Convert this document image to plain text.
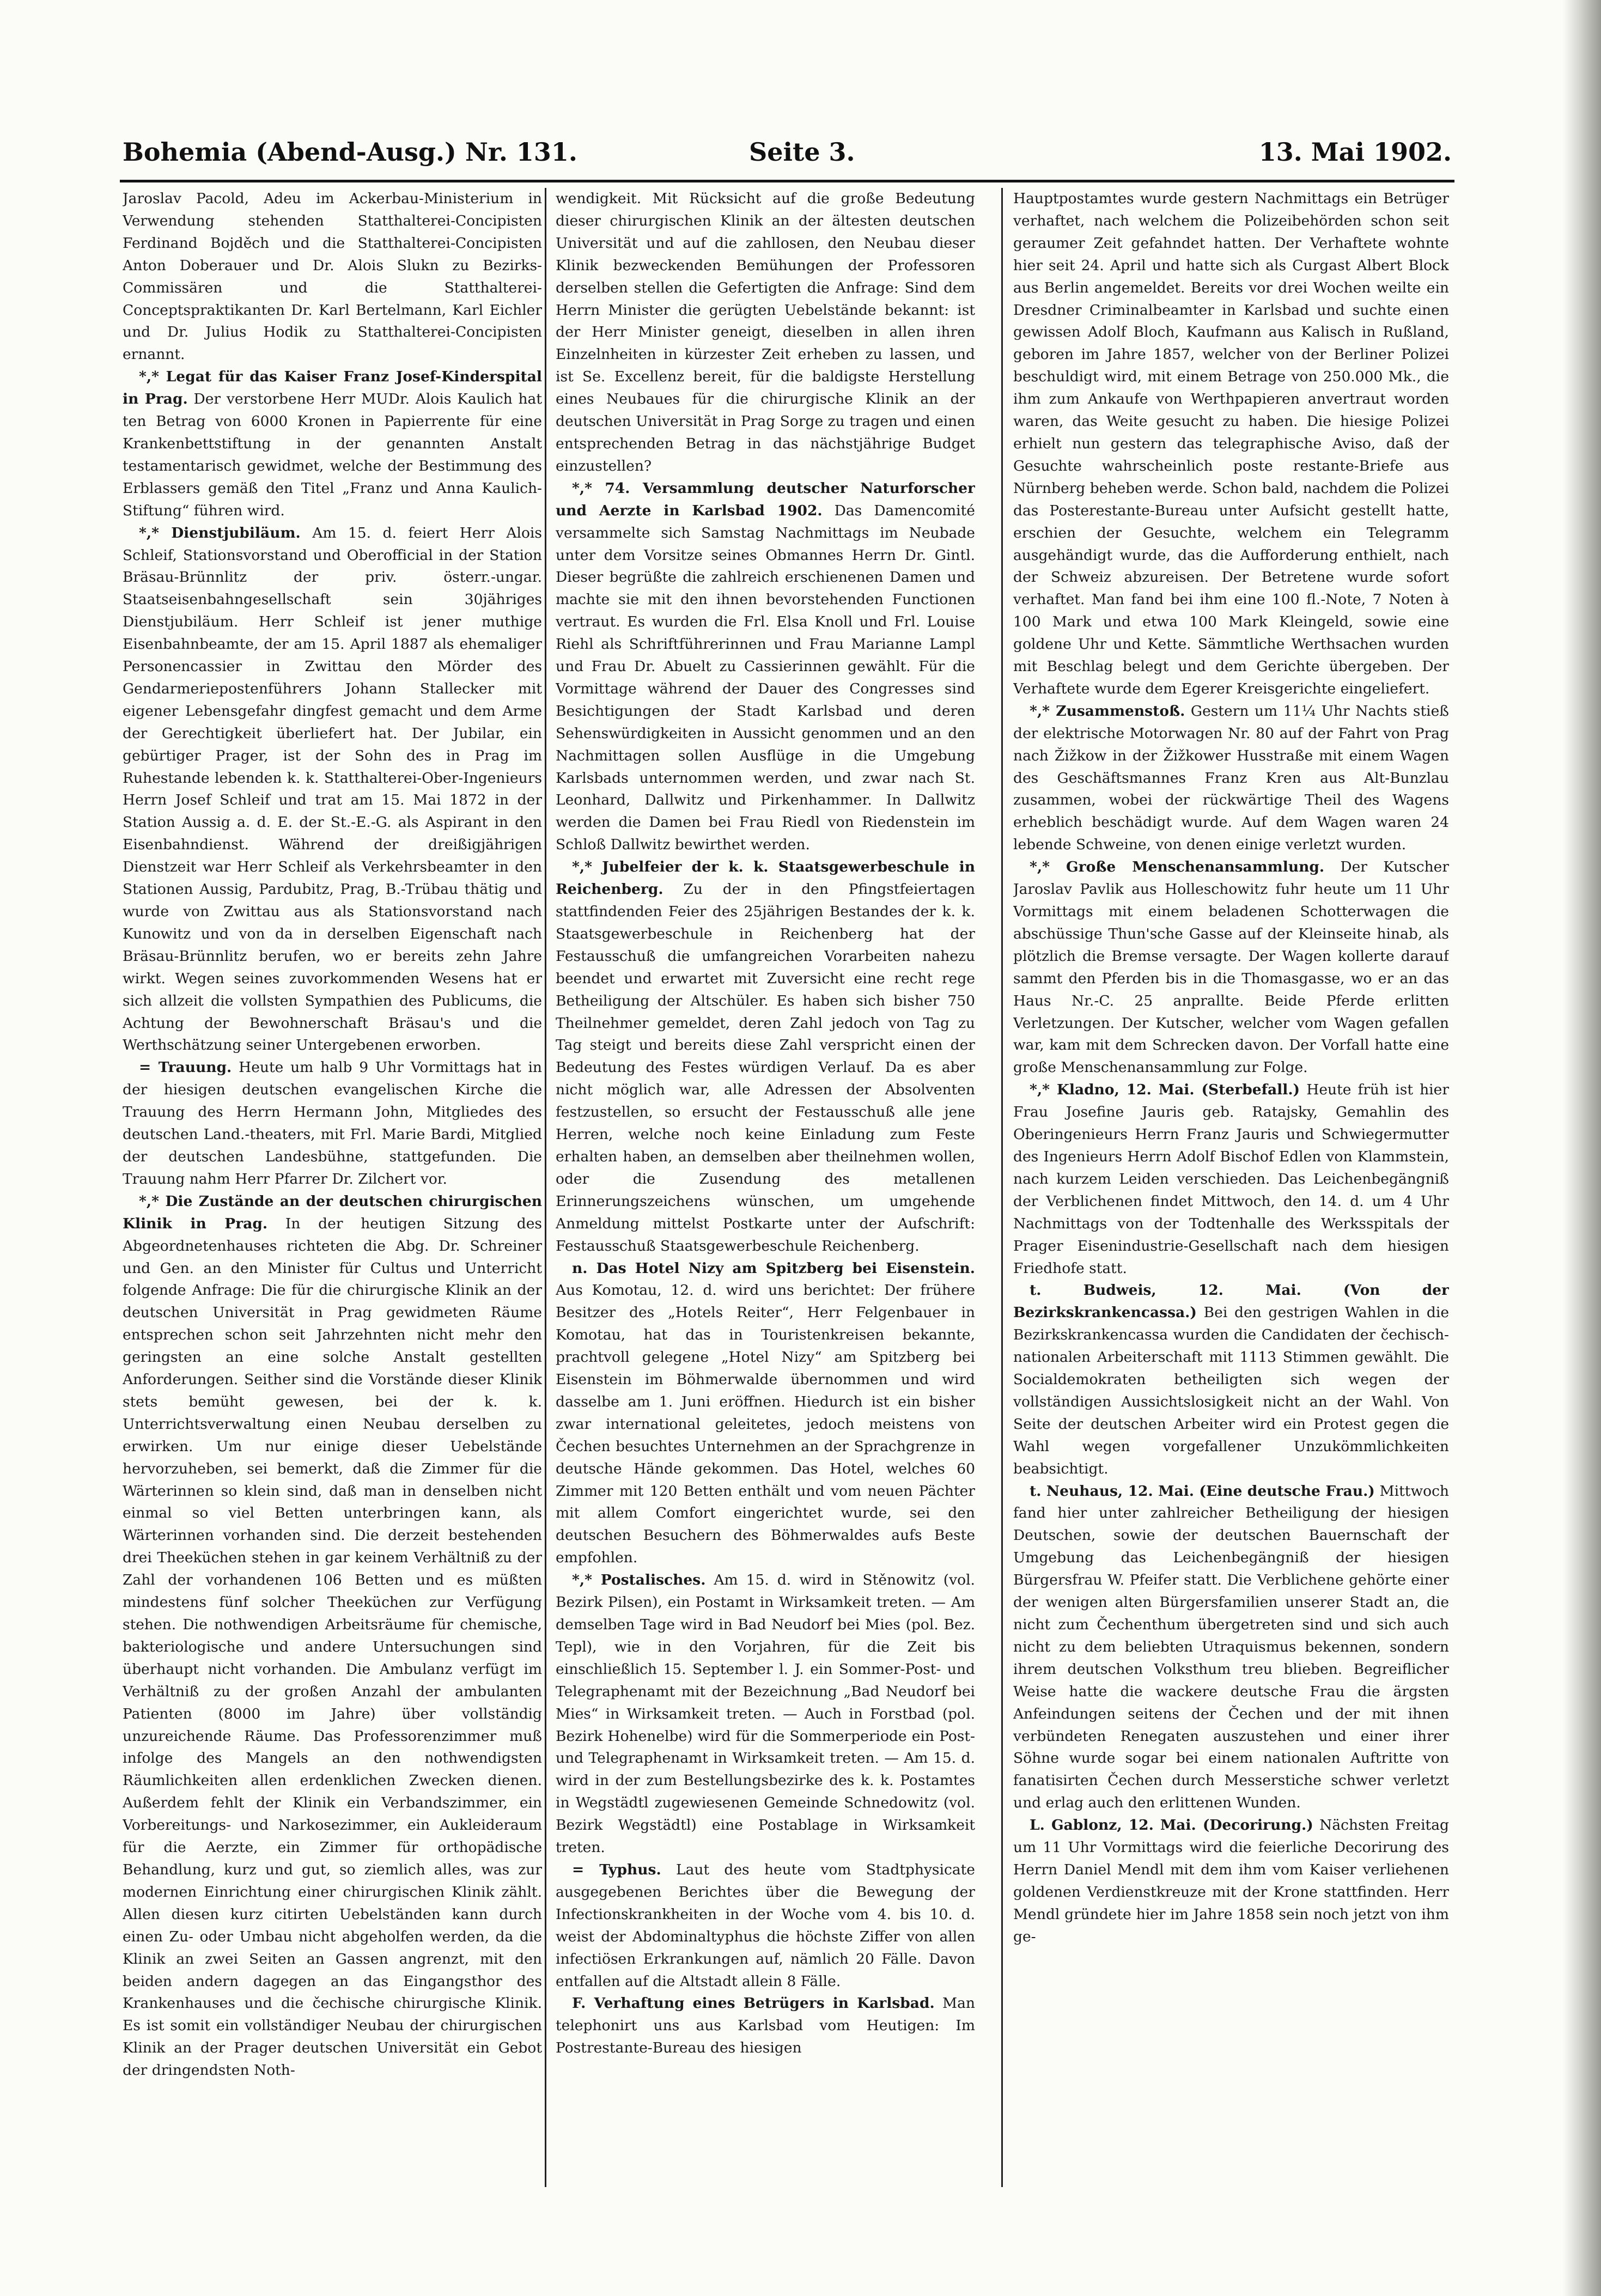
Bohemia (Abend-Ausg.) Nr. 131.	Seite 3.	13. Mai 1902.

Jaroslav Pacold, Adeu im Ackerbau-Ministerium in Verwendung stehenden Statthalterei-Concipisten Ferdinand Bojděch und die Statthalterei-Concipisten Anton Doberauer und Dr. Alois Slukn zu Bezirks-Commissären und die Statthalterei-Conceptspraktikanten Dr. Karl Bertelmann, Karl Eichler und Dr. Julius Hodik zu Statthalterei-Concipisten ernannt.

*,* Legat für das Kaiser Franz Josef-Kinderspital in Prag. Der verstorbene Herr MUDr. Alois Kaulich hat ten Betrag von 6000 Kronen in Papierrente für eine Krankenbettstiftung in der genannten Anstalt testamentarisch gewidmet, welche der Bestimmung des Erblassers gemäß den Titel „Franz und Anna Kaulich-Stiftung“ führen wird.

*,* Dienstjubiläum. Am 15. d. feiert Herr Alois Schleif, Stationsvorstand und Oberofficial in der Station Bräsau-Brünnlitz der priv. österr.-ungar. Staatseisenbahngesellschaft sein 30jähriges Dienstjubiläum. Herr Schleif ist jener muthige Eisenbahnbeamte, der am 15. April 1887 als ehemaliger Personencassier in Zwittau den Mörder des Gendarmeriepostenführers Johann Stallecker mit eigener Lebensgefahr dingfest gemacht und dem Arme der Gerechtigkeit überliefert hat. Der Jubilar, ein gebürtiger Prager, ist der Sohn des in Prag im Ruhestande lebenden k. k. Statthalterei-Ober-Ingenieurs Herrn Josef Schleif und trat am 15. Mai 1872 in der Station Aussig a. d. E. der St.-E.-G. als Aspirant in den Eisenbahndienst. Während der dreißigjährigen Dienstzeit war Herr Schleif als Verkehrsbeamter in den Stationen Aussig, Pardubitz, Prag, B.-Trübau thätig und wurde von Zwittau aus als Stationsvorstand nach Kunowitz und von da in derselben Eigenschaft nach Bräsau-Brünnlitz berufen, wo er bereits zehn Jahre wirkt. Wegen seines zuvorkommenden Wesens hat er sich allzeit die vollsten Sympathien des Publicums, die Achtung der Bewohnerschaft Bräsau's und die Werthschätzung seiner Untergebenen erworben.

= Trauung. Heute um halb 9 Uhr Vormittags hat in der hiesigen deutschen evangelischen Kirche die Trauung des Herrn Hermann John, Mitgliedes des deutschen Land.-theaters, mit Frl. Marie Bardi, Mitglied der deutschen Landesbühne, stattgefunden. Die Trauung nahm Herr Pfarrer Dr. Zilchert vor.

*,* Die Zustände an der deutschen chirurgischen Klinik in Prag. In der heutigen Sitzung des Abgeordnetenhauses richteten die Abg. Dr. Schreiner und Gen. an den Minister für Cultus und Unterricht folgende Anfrage: Die für die chirurgische Klinik an der deutschen Universität in Prag gewidmeten Räume entsprechen schon seit Jahrzehnten nicht mehr den geringsten an eine solche Anstalt gestellten Anforderungen. Seither sind die Vorstände dieser Klinik stets bemüht gewesen, bei der k. k. Unterrichtsverwaltung einen Neubau derselben zu erwirken. Um nur einige dieser Uebelstände hervorzuheben, sei bemerkt, daß die Zimmer für die Wärterinnen so klein sind, daß man in denselben nicht einmal so viel Betten unterbringen kann, als Wärterinnen vorhanden sind. Die derzeit bestehenden drei Theeküchen stehen in gar keinem Verhältniß zu der Zahl der vorhandenen 106 Betten und es müßten mindestens fünf solcher Theeküchen zur Verfügung stehen. Die nothwendigen Arbeitsräume für chemische, bakteriologische und andere Untersuchungen sind überhaupt nicht vorhanden. Die Ambulanz verfügt im Verhältniß zu der großen Anzahl der ambulanten Patienten (8000 im Jahre) über vollständig unzureichende Räume. Das Professorenzimmer muß infolge des Mangels an den nothwendigsten Räumlichkeiten allen erdenklichen Zwecken dienen. Außerdem fehlt der Klinik ein Verbandszimmer, ein Vorbereitungs- und Narkosezimmer, ein Aukleideraum für die Aerzte, ein Zimmer für orthopädische Behandlung, kurz und gut, so ziemlich alles, was zur modernen Einrichtung einer chirurgischen Klinik zählt. Allen diesen kurz citirten Uebelständen kann durch einen Zu- oder Umbau nicht abgeholfen werden, da die Klinik an zwei Seiten an Gassen angrenzt, mit den beiden andern dagegen an das Eingangsthor des Krankenhauses und die čechische chirurgische Klinik. Es ist somit ein vollständiger Neubau der chirurgischen Klinik an der Prager deutschen Universität ein Gebot der dringendsten Noth-

wendigkeit. Mit Rücksicht auf die große Bedeutung dieser chirurgischen Klinik an der ältesten deutschen Universität und auf die zahllosen, den Neubau dieser Klinik bezweckenden Bemühungen der Professoren derselben stellen die Gefertigten die Anfrage: Sind dem Herrn Minister die gerügten Uebelstände bekannt: ist der Herr Minister geneigt, dieselben in allen ihren Einzelnheiten in kürzester Zeit erheben zu lassen, und ist Se. Excellenz bereit, für die baldigste Herstellung eines Neubaues für die chirurgische Klinik an der deutschen Universität in Prag Sorge zu tragen und einen entsprechenden Betrag in das nächstjährige Budget einzustellen?

*,* 74. Versammlung deutscher Naturforscher und Aerzte in Karlsbad 1902. Das Damencomité versammelte sich Samstag Nachmittags im Neubade unter dem Vorsitze seines Obmannes Herrn Dr. Gintl. Dieser begrüßte die zahlreich erschienenen Damen und machte sie mit den ihnen bevorstehenden Functionen vertraut. Es wurden die Frl. Elsa Knoll und Frl. Louise Riehl als Schriftführerinnen und Frau Marianne Lampl und Frau Dr. Abuelt zu Cassierinnen gewählt. Für die Vormittage während der Dauer des Congresses sind Besichtigungen der Stadt Karlsbad und deren Sehenswürdigkeiten in Aussicht genommen und an den Nachmittagen sollen Ausflüge in die Umgebung Karlsbads unternommen werden, und zwar nach St. Leonhard, Dallwitz und Pirkenhammer. In Dallwitz werden die Damen bei Frau Riedl von Riedenstein im Schloß Dallwitz bewirthet werden.

*,* Jubelfeier der k. k. Staatsgewerbeschule in Reichenberg. Zu der in den Pfingstfeiertagen stattfindenden Feier des 25jährigen Bestandes der k. k. Staatsgewerbeschule in Reichenberg hat der Festausschuß die umfangreichen Vorarbeiten nahezu beendet und erwartet mit Zuversicht eine recht rege Betheiligung der Altschüler. Es haben sich bisher 750 Theilnehmer gemeldet, deren Zahl jedoch von Tag zu Tag steigt und bereits diese Zahl verspricht einen der Bedeutung des Festes würdigen Verlauf. Da es aber nicht möglich war, alle Adressen der Absolventen festzustellen, so ersucht der Festausschuß alle jene Herren, welche noch keine Einladung zum Feste erhalten haben, an demselben aber theilnehmen wollen, oder die Zusendung des metallenen Erinnerungszeichens wünschen, um umgehende Anmeldung mittelst Postkarte unter der Aufschrift: Festausschuß Staatsgewerbeschule Reichenberg.

n. Das Hotel Nizy am Spitzberg bei Eisenstein. Aus Komotau, 12. d. wird uns berichtet: Der frühere Besitzer des „Hotels Reiter“, Herr Felgenbauer in Komotau, hat das in Touristenkreisen bekannte, prachtvoll gelegene „Hotel Nizy“ am Spitzberg bei Eisenstein im Böhmerwalde übernommen und wird dasselbe am 1. Juni eröffnen. Hiedurch ist ein bisher zwar international geleitetes, jedoch meistens von Čechen besuchtes Unternehmen an der Sprachgrenze in deutsche Hände gekommen. Das Hotel, welches 60 Zimmer mit 120 Betten enthält und vom neuen Pächter mit allem Comfort eingerichtet wurde, sei den deutschen Besuchern des Böhmerwaldes aufs Beste empfohlen.

*,* Postalisches. Am 15. d. wird in Stěnowitz (vol. Bezirk Pilsen), ein Postamt in Wirksamkeit treten. — Am demselben Tage wird in Bad Neudorf bei Mies (pol. Bez. Tepl), wie in den Vorjahren, für die Zeit bis einschließlich 15. September l. J. ein Sommer-Post- und Telegraphenamt mit der Bezeichnung „Bad Neudorf bei Mies“ in Wirksamkeit treten. — Auch in Forstbad (pol. Bezirk Hohenelbe) wird für die Sommerperiode ein Post- und Telegraphenamt in Wirksamkeit treten. — Am 15. d. wird in der zum Bestellungsbezirke des k. k. Postamtes in Wegstädtl zugewiesenen Gemeinde Schnedowitz (vol. Bezirk Wegstädtl) eine Postablage in Wirksamkeit treten.

= Typhus. Laut des heute vom Stadtphysicate ausgegebenen Berichtes über die Bewegung der Infectionskrankheiten in der Woche vom 4. bis 10. d. weist der Abdominaltyphus die höchste Ziffer von allen infectiösen Erkrankungen auf, nämlich 20 Fälle. Davon entfallen auf die Altstadt allein 8 Fälle.

F. Verhaftung eines Betrügers in Karlsbad. Man telephonirt uns aus Karlsbad vom Heutigen: Im Postrestante-Bureau des hiesigen

Hauptpostamtes wurde gestern Nachmittags ein Betrüger verhaftet, nach welchem die Polizeibehörden schon seit geraumer Zeit gefahndet hatten. Der Verhaftete wohnte hier seit 24. April und hatte sich als Curgast Albert Block aus Berlin angemeldet. Bereits vor drei Wochen weilte ein Dresdner Criminalbeamter in Karlsbad und suchte einen gewissen Adolf Bloch, Kaufmann aus Kalisch in Rußland, geboren im Jahre 1857, welcher von der Berliner Polizei beschuldigt wird, mit einem Betrage von 250.000 Mk., die ihm zum Ankaufe von Werthpapieren anvertraut worden waren, das Weite gesucht zu haben. Die hiesige Polizei erhielt nun gestern das telegraphische Aviso, daß der Gesuchte wahrscheinlich poste restante-Briefe aus Nürnberg beheben werde. Schon bald, nachdem die Polizei das Posterestante-Bureau unter Aufsicht gestellt hatte, erschien der Gesuchte, welchem ein Telegramm ausgehändigt wurde, das die Aufforderung enthielt, nach der Schweiz abzureisen. Der Betretene wurde sofort verhaftet. Man fand bei ihm eine 100 fl.-Note, 7 Noten à 100 Mark und etwa 100 Mark Kleingeld, sowie eine goldene Uhr und Kette. Sämmtliche Werthsachen wurden mit Beschlag belegt und dem Gerichte übergeben. Der Verhaftete wurde dem Egerer Kreisgerichte eingeliefert.

*,* Zusammenstoß. Gestern um 11¼ Uhr Nachts stieß der elektrische Motorwagen Nr. 80 auf der Fahrt von Prag nach Žižkow in der Žižkower Husstraße mit einem Wagen des Geschäftsmannes Franz Kren aus Alt-Bunzlau zusammen, wobei der rückwärtige Theil des Wagens erheblich beschädigt wurde. Auf dem Wagen waren 24 lebende Schweine, von denen einige verletzt wurden.

*,* Große Menschenansammlung. Der Kutscher Jaroslav Pavlik aus Holleschowitz fuhr heute um 11 Uhr Vormittags mit einem beladenen Schotterwagen die abschüssige Thun'sche Gasse auf der Kleinseite hinab, als plötzlich die Bremse versagte. Der Wagen kollerte darauf sammt den Pferden bis in die Thomasgasse, wo er an das Haus Nr.-C. 25 anprallte. Beide Pferde erlitten Verletzungen. Der Kutscher, welcher vom Wagen gefallen war, kam mit dem Schrecken davon. Der Vorfall hatte eine große Menschenansammlung zur Folge.

*,* Kladno, 12. Mai. (Sterbefall.) Heute früh ist hier Frau Josefine Jauris geb. Ratajsky, Gemahlin des Oberingenieurs Herrn Franz Jauris und Schwiegermutter des Ingenieurs Herrn Adolf Bischof Edlen von Klammstein, nach kurzem Leiden verschieden. Das Leichenbegängniß der Verblichenen findet Mittwoch, den 14. d. um 4 Uhr Nachmittags von der Todtenhalle des Werksspitals der Prager Eisenindustrie-Gesellschaft nach dem hiesigen Friedhofe statt.

t. Budweis, 12. Mai. (Von der Bezirkskrankencassa.) Bei den gestrigen Wahlen in die Bezirkskrankencassa wurden die Candidaten der čechisch-nationalen Arbeiterschaft mit 1113 Stimmen gewählt. Die Socialdemokraten betheiligten sich wegen der vollständigen Aussichtslosigkeit nicht an der Wahl. Von Seite der deutschen Arbeiter wird ein Protest gegen die Wahl wegen vorgefallener Unzukömmlichkeiten beabsichtigt.

t. Neuhaus, 12. Mai. (Eine deutsche Frau.) Mittwoch fand hier unter zahlreicher Betheiligung der hiesigen Deutschen, sowie der deutschen Bauernschaft der Umgebung das Leichenbegängniß der hiesigen Bürgersfrau W. Pfeifer statt. Die Verblichene gehörte einer der wenigen alten Bürgersfamilien unserer Stadt an, die nicht zum Čechenthum übergetreten sind und sich auch nicht zu dem beliebten Utraquismus bekennen, sondern ihrem deutschen Volksthum treu blieben. Begreiflicher Weise hatte die wackere deutsche Frau die ärgsten Anfeindungen seitens der Čechen und der mit ihnen verbündeten Renegaten auszustehen und einer ihrer Söhne wurde sogar bei einem nationalen Auftritte von fanatisirten Čechen durch Messerstiche schwer verletzt und erlag auch den erlittenen Wunden.

L. Gablonz, 12. Mai. (Decorirung.) Nächsten Freitag um 11 Uhr Vormittags wird die feierliche Decorirung des Herrn Daniel Mendl mit dem ihm vom Kaiser verliehenen goldenen Verdienstkreuze mit der Krone stattfinden. Herr Mendl gründete hier im Jahre 1858 sein noch jetzt von ihm ge-
